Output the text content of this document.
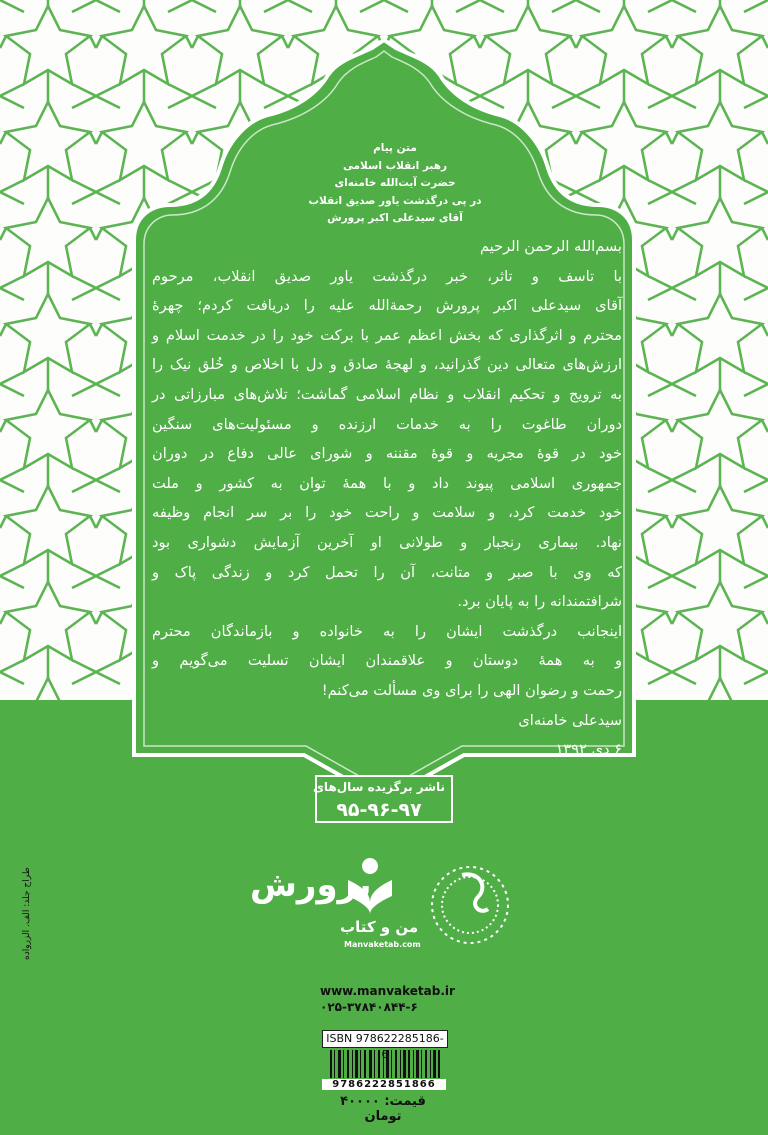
متن پیام
رهبر انقلاب اسلامی
حضرت آیت‌الله خامنه‌ای
در پی درگذشت یاور صدیق انقلاب
آقای سیدعلی اکبر پرورش

بسم‌الله الرحمن الرحیم

با تاسف و تاثر، خبر درگذشت یاور صدیق انقلاب، مرحوم

آقای سیدعلی اکبر پرورش رحمةالله علیه را دریافت کردم؛ چهرهٔ

محترم و اثرگذاری که بخش اعظم عمر با برکت خود را در خدمت اسلام و

ارزش‌های متعالی دین گذرانید، و لهجهٔ صادق و دل با اخلاص و خُلق نیک را

به ترویج و تحکیم انقلاب و نظام اسلامی گماشت؛ تلاش‌های مبارزاتی در

دوران طاغوت را به خدمات ارزنده و مسئولیت‌های سنگین

خود در قوهٔ مجریه و قوهٔ مقننه و شورای عالی دفاع در دوران

جمهوری اسلامی پیوند داد و با همهٔ توان به کشور و ملت

خود خدمت کرد، و سلامت و راحت خود را بر سر انجام وظیفه

نهاد. بیماری رنجبار و طولانی او آخرین آزمایش دشواری بود

که وی با صبر و متانت، آن را تحمل کرد و زندگی پاک و

شرافتمندانه را به پایان برد.

اینجانب درگذشت ایشان را به خانواده و بازماندگان محترم

و به همهٔ دوستان و علاقمندان ایشان تسلیت می‌گویم و

رحمت و رضوان الهی را برای وی مسألت می‌کنم!

سیدعلی خامنه‌ای

۶ دی ۱۳۹۲

ناشر برگزیده سال‌های
۹۵-۹۶-۹۷
پرورش
من و کتاب
Manvaketab.com
www.manvaketab.ir
۰۲۵-۳۷۸۴۰۸۴۴-۶
ISBN 978622285186-6
9786222851866
قیمت: ۴۰۰۰۰ تومان
طراح جلد: الف. الزرواده
